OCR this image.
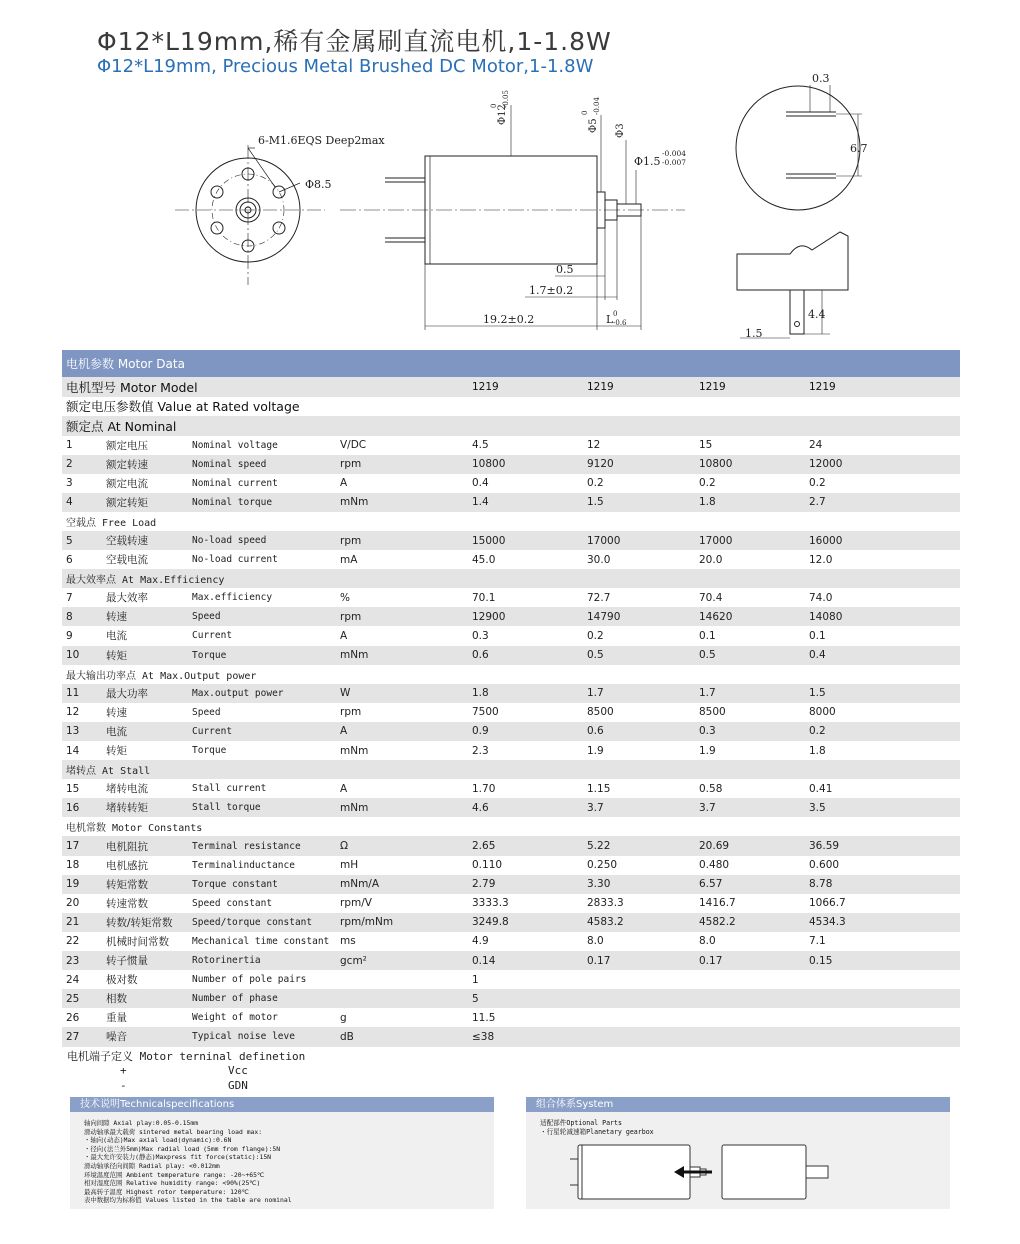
Φ12*L19mm,稀有金属刷直流电机,1-1.8W
Φ12*L19mm, Precious Metal Brushed DC Motor,1-1.8W
6-M1.6EQS Deep2max
Φ8.5
Φ12
0 -0.05
Φ5
0 -0.04
Φ3
Φ1.5
-0.004
-0.007
0.5
1.7±0.2
19.2±0.2	L 0
-0.6
0.3
6.7
4.4
1.5
电机参数 Motor Data							
电机型号 Motor Model				1219	1219	1219	1219
额定电压参数值 Value at Rated voltage							
额定点 At Nominal							
1	额定电压	Nominal voltage	V/DC	4.5	12	15	24
2	额定转速	Nominal speed	rpm	10800	9120	10800	12000
3	额定电流	Nominal current	A	0.4	0.2	0.2	0.2
4	额定转矩	Nominal torque	mNm	1.4	1.5	1.8	2.7
空载点 Free Load							
5	空载转速	No-load speed	rpm	15000	17000	17000	16000
6	空载电流	No-load current	mA	45.0	30.0	20.0	12.0
最大效率点 At Max.Efficiency							
7	最大效率	Max.efficiency	%	70.1	72.7	70.4	74.0
8	转速	Speed	rpm	12900	14790	14620	14080
9	电流	Current	A	0.3	0.2	0.1	0.1
10	转矩	Torque	mNm	0.6	0.5	0.5	0.4
最大输出功率点 At Max.Output power							
11	最大功率	Max.output power	W	1.8	1.7	1.7	1.5
12	转速	Speed	rpm	7500	8500	8500	8000
13	电流	Current	A	0.9	0.6	0.3	0.2
14	转矩	Torque	mNm	2.3	1.9	1.9	1.8
堵转点 At Stall							
15	堵转电流	Stall current	A	1.70	1.15	0.58	0.41
16	堵转转矩	Stall torque	mNm	4.6	3.7	3.7	3.5
电机常数 Motor Constants							
17	电机阻抗	Terminal resistance	Ω	2.65	5.22	20.69	36.59
18	电机感抗	Terminalinductance	mH	0.110	0.250	0.480	0.600
19	转矩常数	Torque constant	mNm/A	2.79	3.30	6.57	8.78
20	转速常数	Speed constant	rpm/V	3333.3	2833.3	1416.7	1066.7
21	转数/转矩常数	Speed/torque constant	rpm/mNm	3249.8	4583.2	4582.2	4534.3
22	机械时间常数	Mechanical time constant	ms	4.9	8.0	8.0	7.1
23	转子惯量	Rotorinertia	gcm²	0.14	0.17	0.17	0.15
24	极对数	Number of pole pairs		1			
25	相数	Number of phase		5			
26	重量	Weight of motor	g	11.5			
27	噪音	Typical noise leve	dB	≤38			
电机端子定义 Motor terninal definetion
+	Vcc
-	GDN
技术说明Technicalspecifications
轴向间隙 Axial play:0.05-0.15mm
滑动轴承最大载荷 sintered metal bearing load max:
・轴向(动态)Max axial load(dynamic):0.6N
・径向(法兰外5mm)Max radial load (5mm from flange):5N
・最大允许安装力(静态)Maxpress fit force(static):15N
滑动轴承径向间隙 Radial play: <0.012mm
环境温度范围 Ambient temperature range: -20~+65℃
相对湿度范围 Relative humidity range: <90%(25℃)
最高转子温度 Highest rotor temperature: 120℃
表中数据均为标称值 Values listed in the table are nominal
组合体系System
适配部件Optional Parts
・行星轮减速箱Planetary gearbox
